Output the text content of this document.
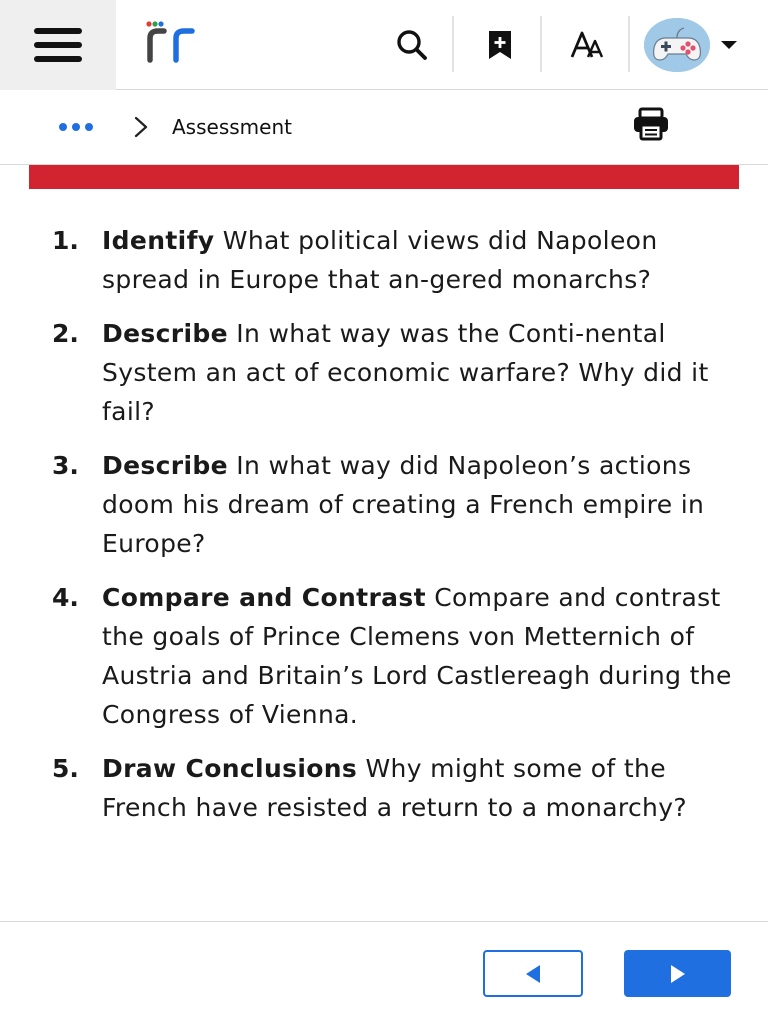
Assessment
1. Identify What political views did Napoleon spread in Europe that an-gered monarchs?
2. Describe In what way was the Conti-nental System an act of economic warfare? Why did it fail?
3. Describe In what way did Napoleon’s actions doom his dream of creating a French empire in Europe?
4. Compare and Contrast Compare and contrast the goals of Prince Clemens von Metternich of Austria and Britain’s Lord Castlereagh during the Congress of Vienna.
5. Draw Conclusions Why might some of the French have resisted a return to a monarchy?
